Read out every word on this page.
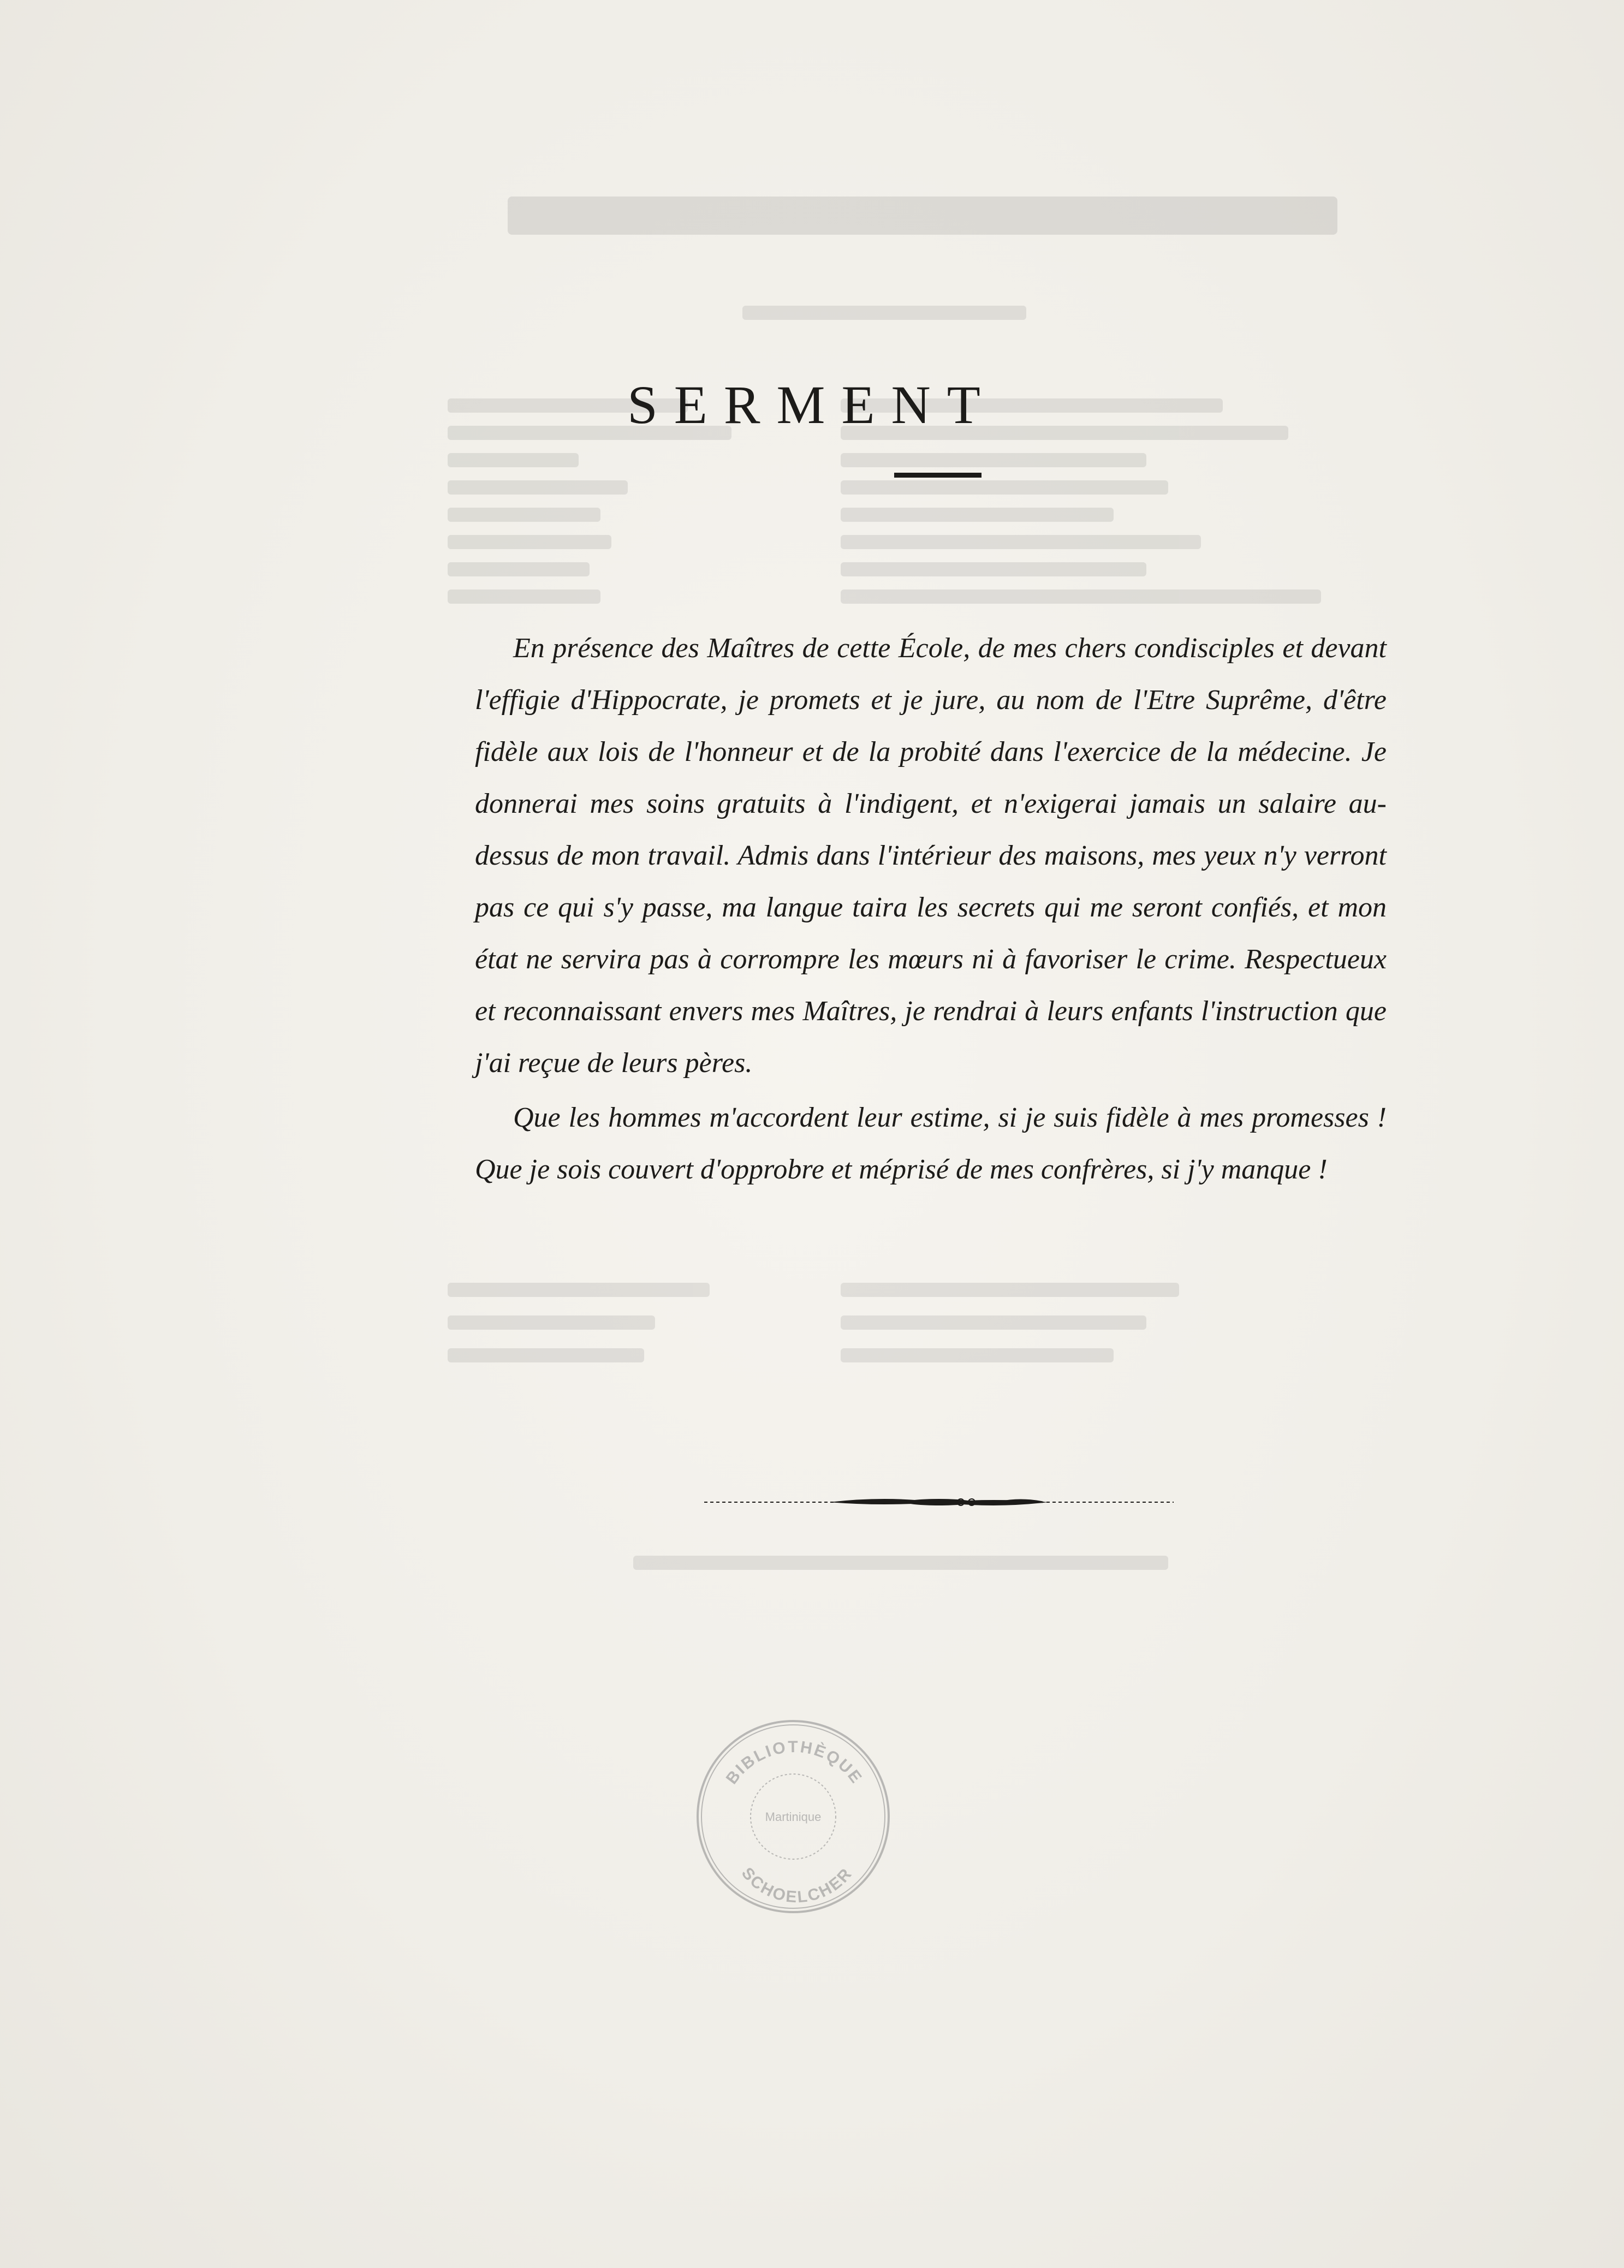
SERMENT

En présence des Maîtres de cette École, de mes chers condisciples et devant l'effigie d'Hippocrate, je promets et je jure, au nom de l'Etre Suprême, d'être fidèle aux lois de l'honneur et de la probité dans l'exercice de la médecine. Je donnerai mes soins gratuits à l'indigent, et n'exigerai jamais un salaire au-dessus de mon travail. Admis dans l'intérieur des maisons, mes yeux n'y verront pas ce qui s'y passe, ma langue taira les secrets qui me seront confiés, et mon état ne servira pas à corrompre les mœurs ni à favoriser le crime. Respectueux et reconnaissant envers mes Maîtres, je rendrai à leurs enfants l'instruction que j'ai reçue de leurs pères.

Que les hommes m'accordent leur estime, si je suis fidèle à mes promesses ! Que je sois couvert d'opprobre et méprisé de mes confrères, si j'y manque !

BIBLIOTHÈQUE
SCHOELCHER
Martinique
